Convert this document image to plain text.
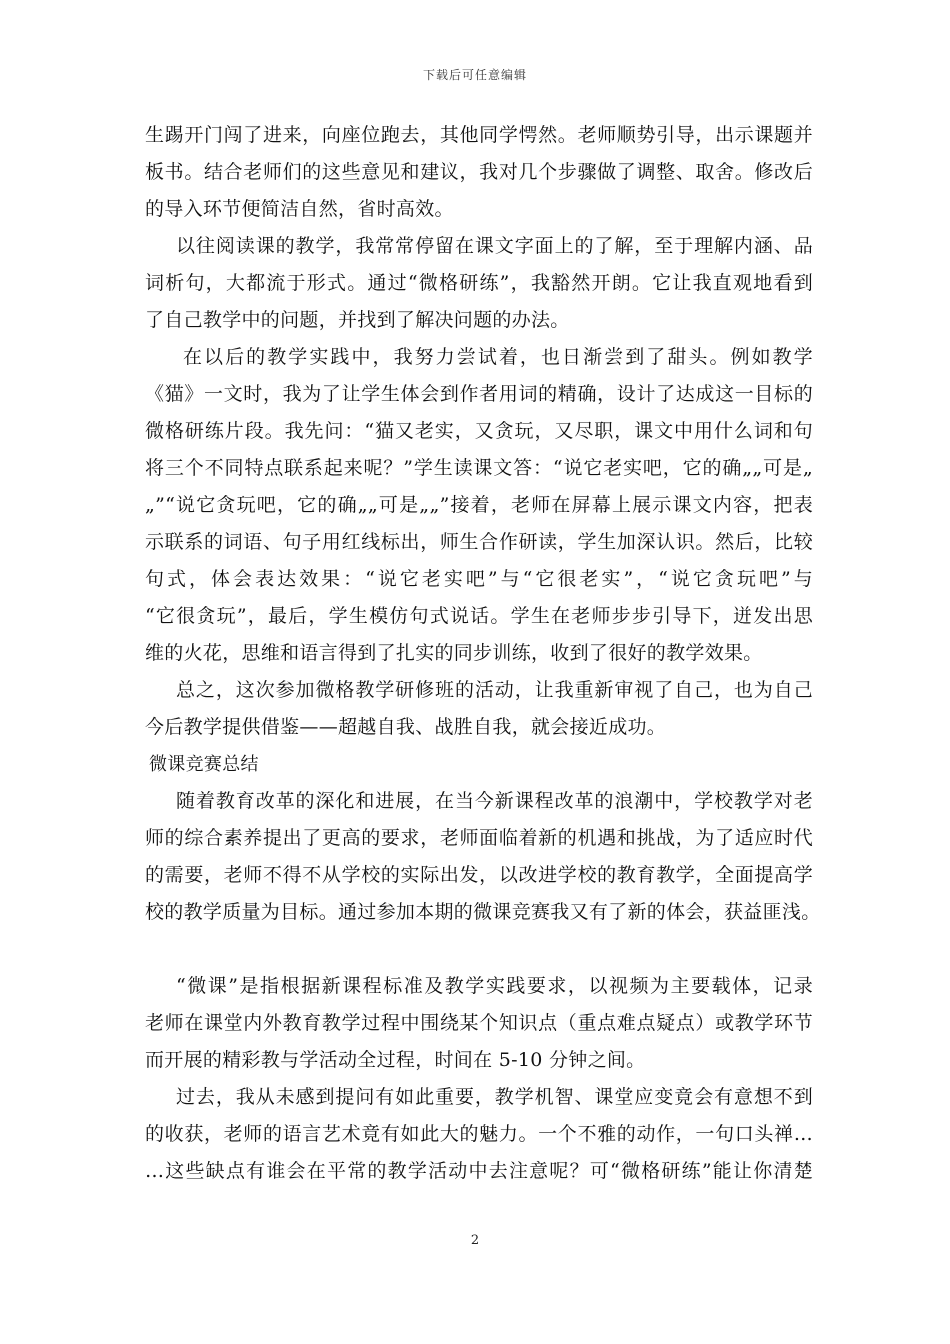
下载后可任意编辑
生踢开门闯了进来，向座位跑去，其他同学愕然。老师顺势引导，出示课题并
板书。结合老师们的这些意见和建议，我对几个步骤做了调整、取舍。修改后
的导入环节便简洁自然，省时高效。
以往阅读课的教学，我常常停留在课文字面上的了解，至于理解内涵、品
词析句，大都流于形式。通过“微格研练”，我豁然开朗。它让我直观地看到
了自己教学中的问题，并找到了解决问题的办法。
在以后的教学实践中，我努力尝试着，也日渐尝到了甜头。例如教学
《猫》一文时，我为了让学生体会到作者用词的精确，设计了达成这一目标的
微格研练片段。我先问：“猫又老实，又贪玩，又尽职，课文中用什么词和句
将三个不同特点联系起来呢？”学生读课文答：“说它老实吧，它的确„„可是„
„”“说它贪玩吧，它的确„„可是„„”接着，老师在屏幕上展示课文内容，把表
示联系的词语、句子用红线标出，师生合作研读，学生加深认识。然后，比较
句式，体会表达效果：“说它老实吧”与“它很老实”，“说它贪玩吧”与
“它很贪玩”，最后，学生模仿句式说话。学生在老师步步引导下，迸发出思
维的火花，思维和语言得到了扎实的同步训练，收到了很好的教学效果。
总之，这次参加微格教学研修班的活动，让我重新审视了自己，也为自己
今后教学提供借鉴——超越自我、战胜自我，就会接近成功。
微课竞赛总结
随着教育改革的深化和进展，在当今新课程改革的浪潮中，学校教学对老
师的综合素养提出了更高的要求，老师面临着新的机遇和挑战，为了适应时代
的需要，老师不得不从学校的实际出发，以改进学校的教育教学，全面提高学
校的教学质量为目标。通过参加本期的微课竞赛我又有了新的体会，获益匪浅。
“微课”是指根据新课程标准及教学实践要求，以视频为主要载体，记录
老师在课堂内外教育教学过程中围绕某个知识点（重点难点疑点）或教学环节
而开展的精彩教与学活动全过程，时间在 5-10 分钟之间。
过去，我从未感到提问有如此重要，教学机智、课堂应变竟会有意想不到
的收获，老师的语言艺术竟有如此大的魅力。一个不雅的动作，一句口头禅…
…这些缺点有谁会在平常的教学活动中去注意呢？可“微格研练”能让你清楚
2
